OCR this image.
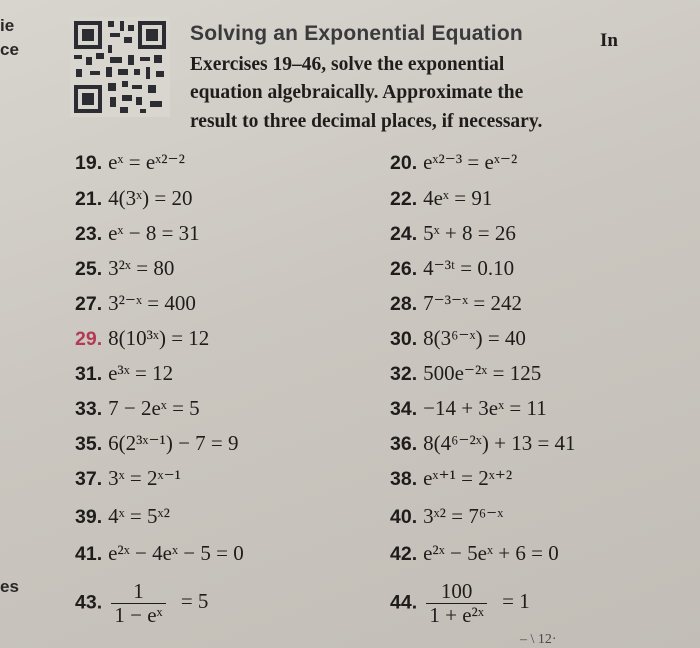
ie
ce
es
Solving an Exponential Equation	In
Exercises 19–46, solve the exponential
equation algebraically. Approximate the
result to three decimal places, if necessary.
19. eˣ = eˣ²⁻²	20. eˣ²⁻³ = eˣ⁻²
21. 4(3ˣ) = 20	22. 4eˣ = 91
23. eˣ − 8 = 31	24. 5ˣ + 8 = 26
25. 3²ˣ = 80	26. 4⁻³ᵗ = 0.10
27. 3²⁻ˣ = 400	28. 7⁻³⁻ˣ = 242
29. 8(10³ˣ) = 12	30. 8(3⁶⁻ˣ) = 40
31. e³ˣ = 12	32. 500e⁻²ˣ = 125
33. 7 − 2eˣ = 5	34. −14 + 3eˣ = 11
35. 6(2³ˣ⁻¹) − 7 = 9	36. 8(4⁶⁻²ˣ) + 13 = 41
37. 3ˣ = 2ˣ⁻¹	38. eˣ⁺¹ = 2ˣ⁺²
39. 4ˣ = 5ˣ²	40. 3ˣ² = 7⁶⁻ˣ
41. e²ˣ − 4eˣ − 5 = 0	42. e²ˣ − 5eˣ + 6 = 0
43. $\frac{1}{\text{1 − eˣ}} = 5$	44. $\frac{100}{\text{1 + e²ˣ}} = 1$
– \ 12·
